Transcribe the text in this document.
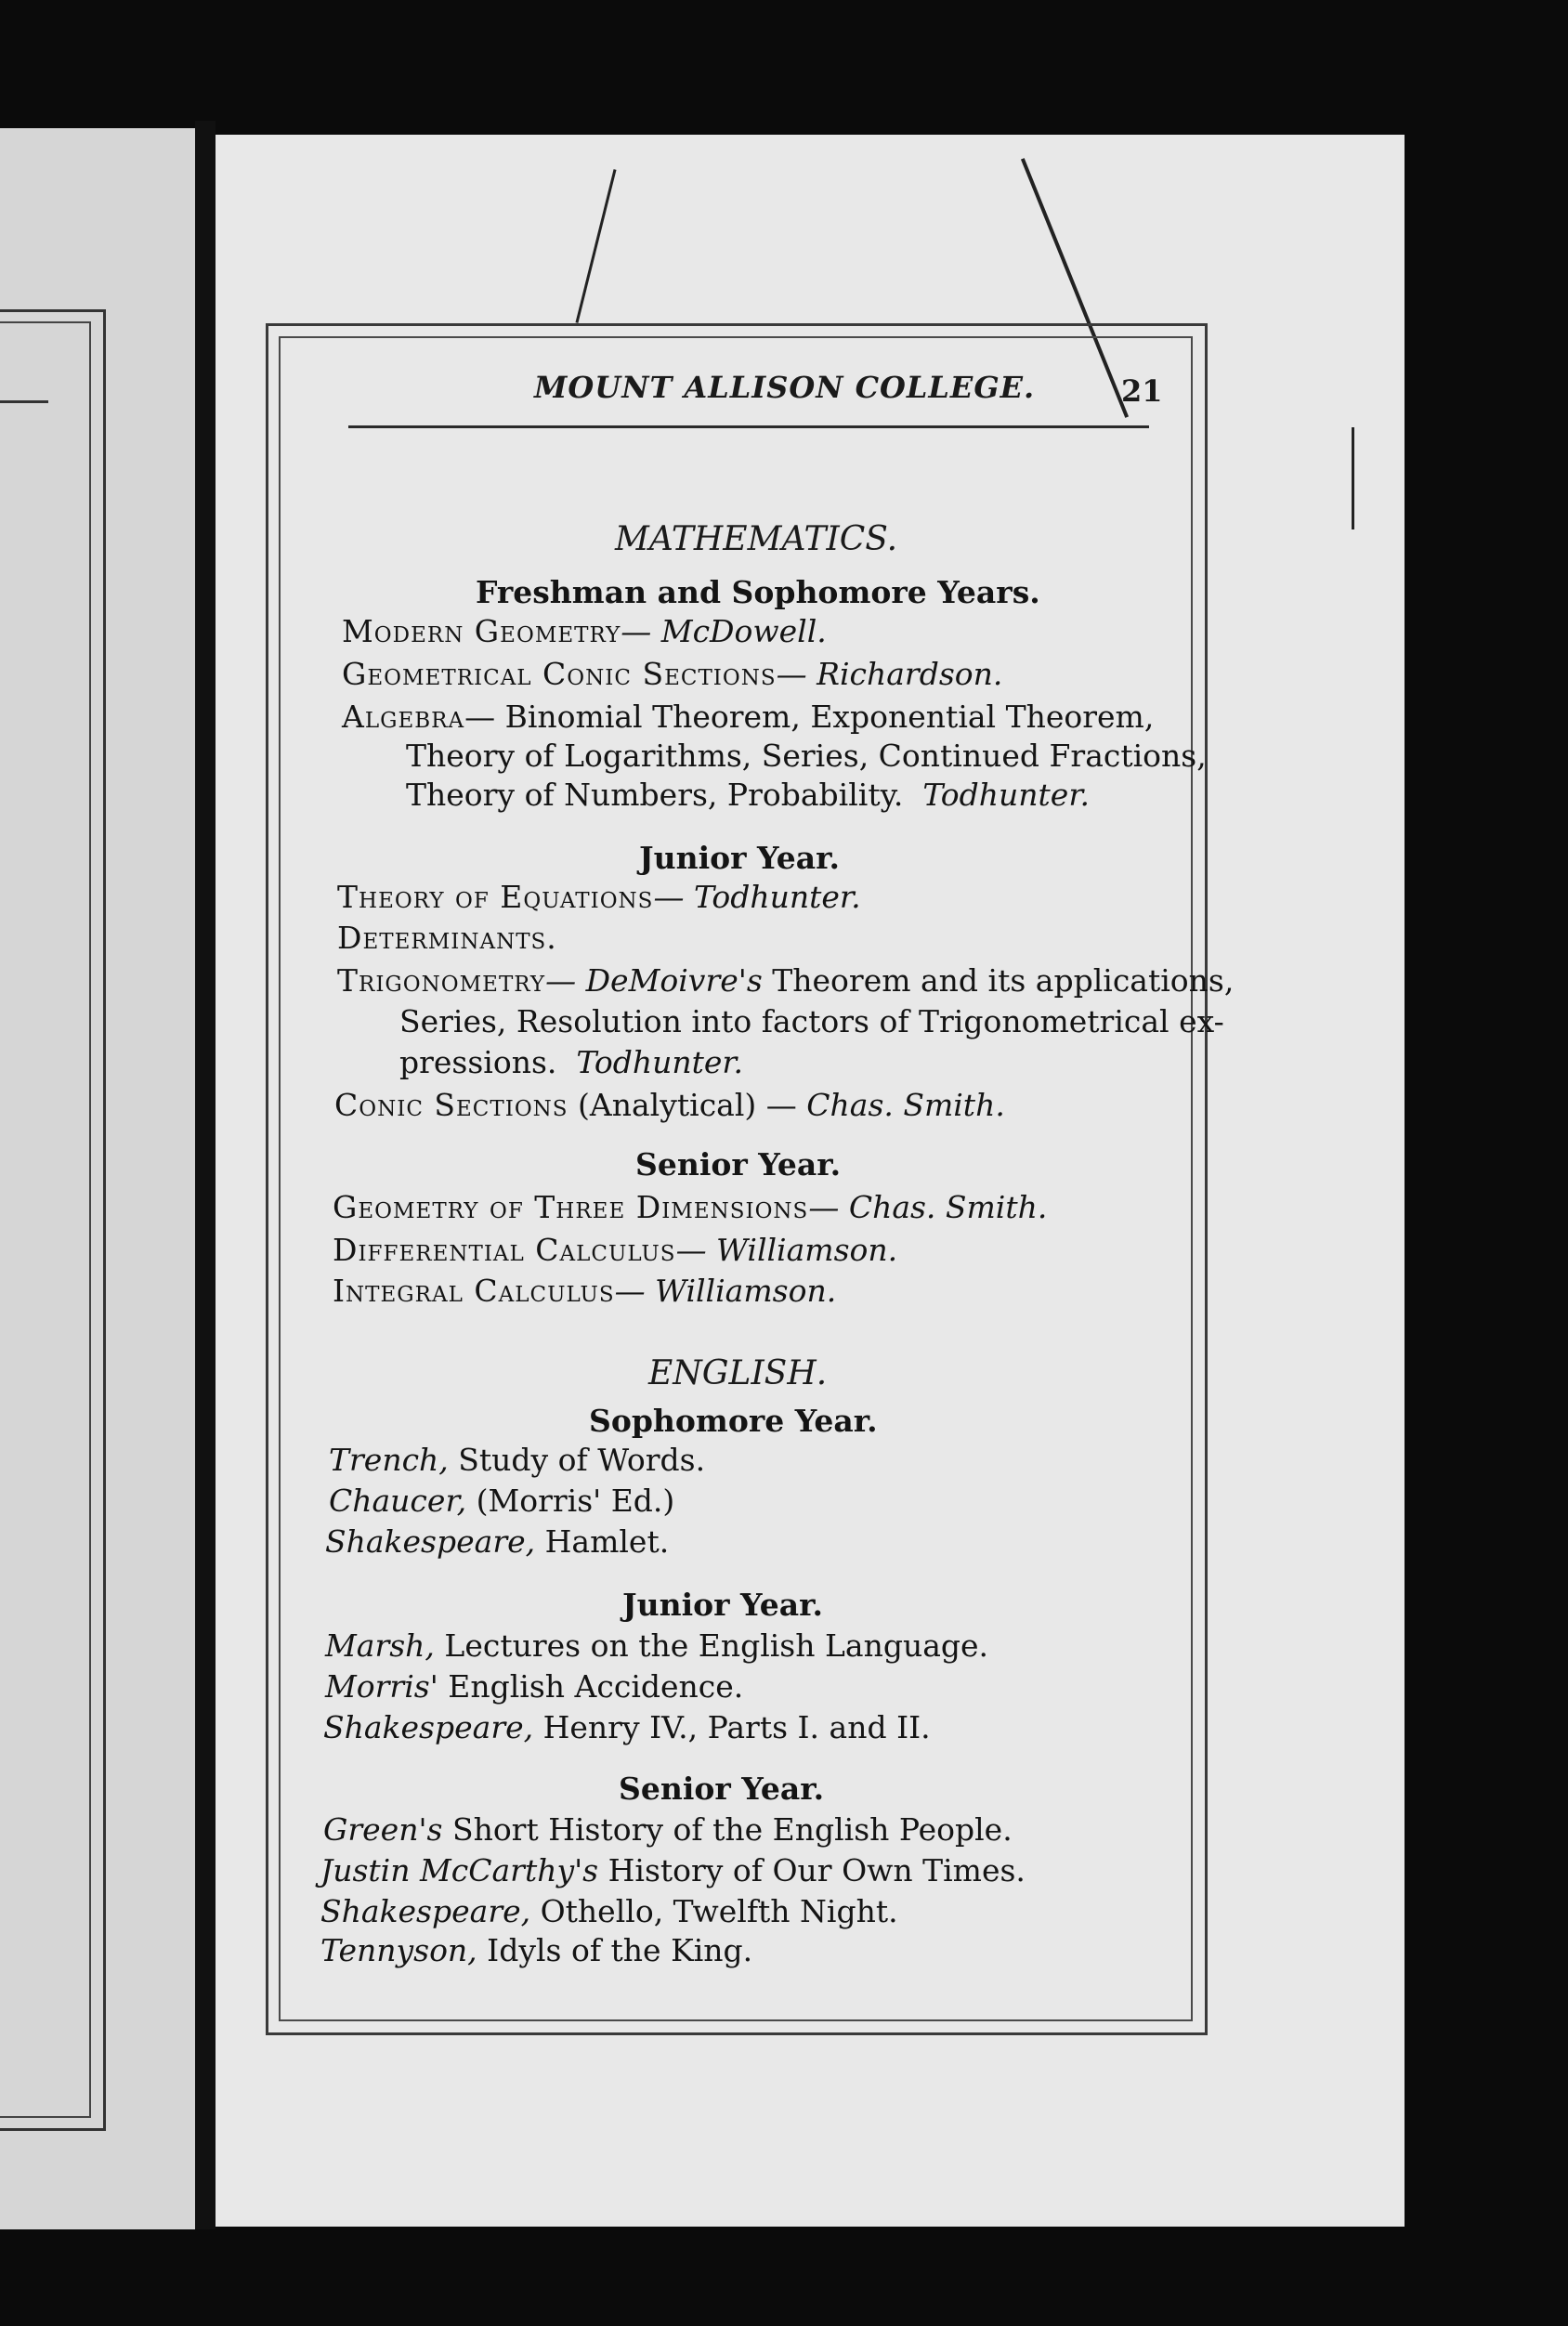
MOUNT ALLISON COLLEGE.	21
MATHEMATICS.
Freshman and Sophomore Years.
Modern Geometry— McDowell.
Geometrical Conic Sections— Richardson.
Algebra— Binomial Theorem, Exponential Theorem,
Theory of Logarithms, Series, Continued Fractions,
Theory of Numbers, Probability. Todhunter.
Junior Year.
Theory of Equations— Todhunter.
Determinants.
Trigonometry— DeMoivre's Theorem and its applications,
Series, Resolution into factors of Trigonometrical ex-
pressions. Todhunter.
Conic Sections (Analytical) — Chas. Smith.
Senior Year.
Geometry of Three Dimensions— Chas. Smith.
Differential Calculus— Williamson.
Integral Calculus— Williamson.
ENGLISH.
Sophomore Year.
Trench, Study of Words.
Chaucer, (Morris' Ed.)
Shakespeare, Hamlet.
Junior Year.
Marsh, Lectures on the English Language.
Morris' English Accidence.
Shakespeare, Henry IV., Parts I. and II.
Senior Year.
Green's Short History of the English People.
Justin McCarthy's History of Our Own Times.
Shakespeare, Othello, Twelfth Night.
Tennyson, Idyls of the King.
